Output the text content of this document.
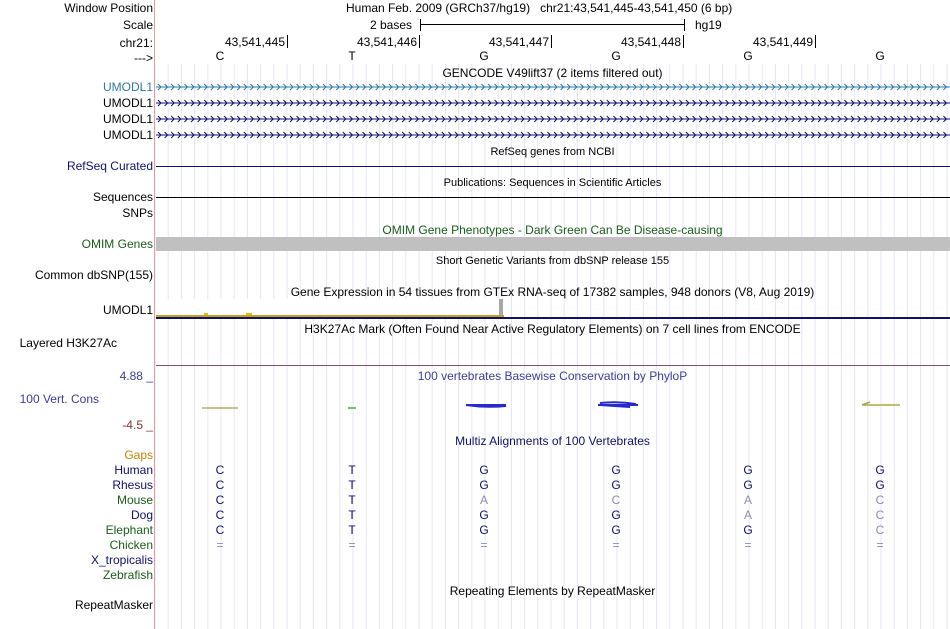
Window Position	Human Feb. 2009 (GRCh37/hg19)   chr21:43,541,445-43,541,450 (6 bp)
Scale	2 bases	hg19
chr21:	43,541,445	43,541,446	43,541,447	43,541,448	43,541,449
--->	C	T	G	G	G	G
GENCODE V49lift37 (2 items filtered out)
UMODL1
UMODL1
UMODL1
UMODL1
RefSeq genes from NCBI
RefSeq Curated
Publications: Sequences in Scientific Articles
Sequences
SNPs
OMIM Gene Phenotypes - Dark Green Can Be Disease-causing
OMIM Genes
Short Genetic Variants from dbSNP release 155
Common dbSNP(155)
Gene Expression in 54 tissues from GTEx RNA-seq of 17382 samples, 948 donors (V8, Aug 2019)
UMODL1
H3K27Ac Mark (Often Found Near Active Regulatory Elements) on 7 cell lines from ENCODE
Layered H3K27Ac
100 vertebrates Basewise Conservation by PhyloP
4.88 _
100 Vert. Cons
-4.5 _
Multiz Alignments of 100 Vertebrates
Gaps
Human	C	T	G	G	G	G
Rhesus	C	T	G	G	G	G
Mouse	C	T	A	C	A	C
Dog	C	T	G	G	A	C
Elephant	C	T	G	G	G	C
Chicken	=	=	=	=	=	=
X_tropicalis
Zebrafish
Repeating Elements by RepeatMasker
RepeatMasker
